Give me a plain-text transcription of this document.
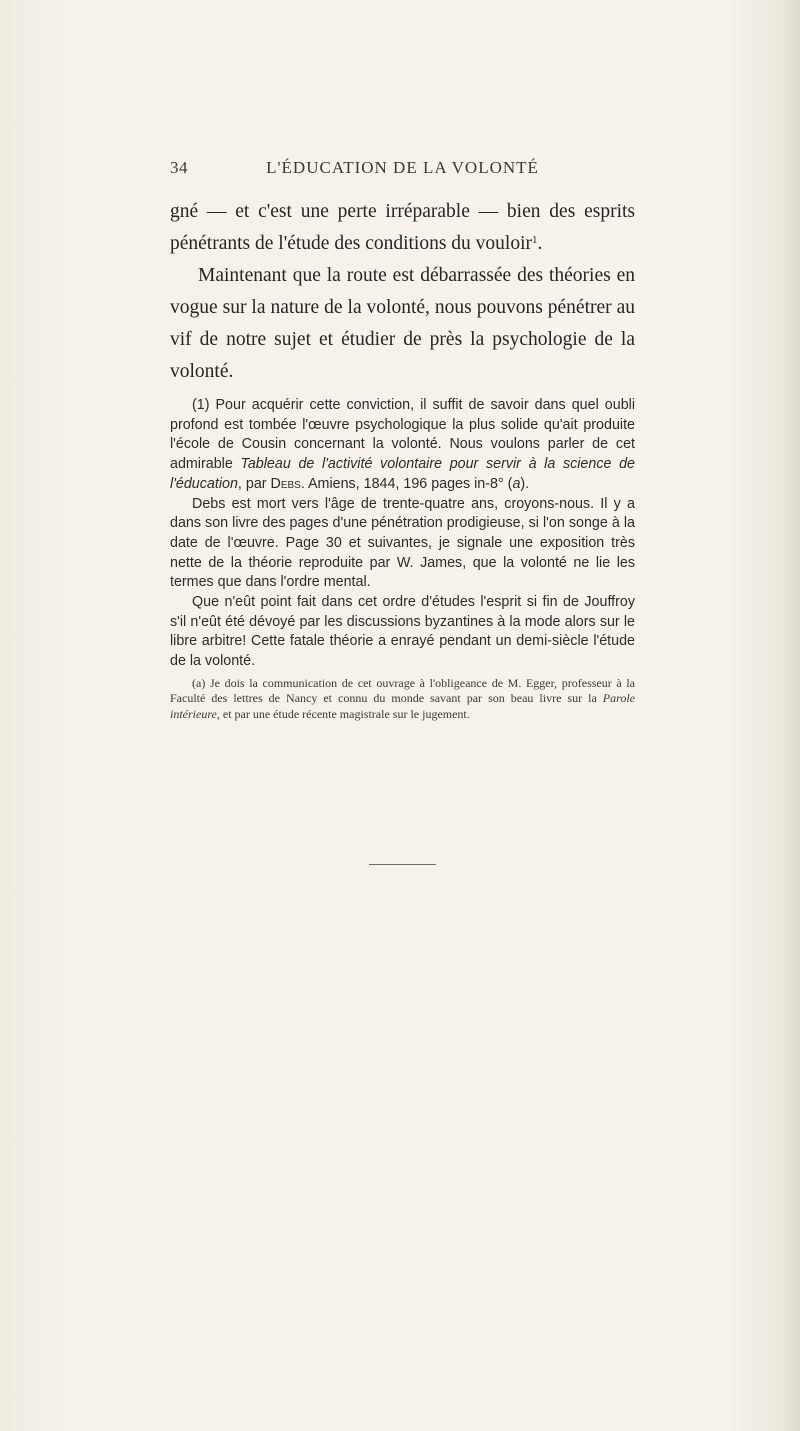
34	L'ÉDUCATION DE LA VOLONTÉ

gné — et c'est une perte irréparable — bien des esprits pénétrants de l'étude des conditions du vouloir$^1$.

Maintenant que la route est débarrassée des théories en vogue sur la nature de la volonté, nous pouvons pénétrer au vif de notre sujet et étudier de près la psychologie de la volonté.

(1) Pour acquérir cette conviction, il suffit de savoir dans quel oubli profond est tombée l'œuvre psychologique la plus solide qu'ait produite l'école de Cousin concernant la volonté. Nous voulons parler de cet admirable Tableau de l'activité volontaire pour servir à la science de l'éducation, par Debs. Amiens, 1844, 196 pages in-8° (a).

Debs est mort vers l'âge de trente-quatre ans, croyons-nous. Il y a dans son livre des pages d'une pénétration prodigieuse, si l'on songe à la date de l'œuvre. Page 30 et suivantes, je signale une exposition très nette de la théorie reproduite par W. James, que la volonté ne lie les termes que dans l'ordre mental.

Que n'eût point fait dans cet ordre d'études l'esprit si fin de Jouffroy s'il n'eût été dévoyé par les discussions byzantines à la mode alors sur le libre arbitre! Cette fatale théorie a enrayé pendant un demi-siècle l'étude de la volonté.

(a) Je dois la communication de cet ouvrage à l'obligeance de M. Egger, professeur à la Faculté des lettres de Nancy et connu du monde savant par son beau livre sur la Parole intérieure, et par une étude récente magistrale sur le jugement.
